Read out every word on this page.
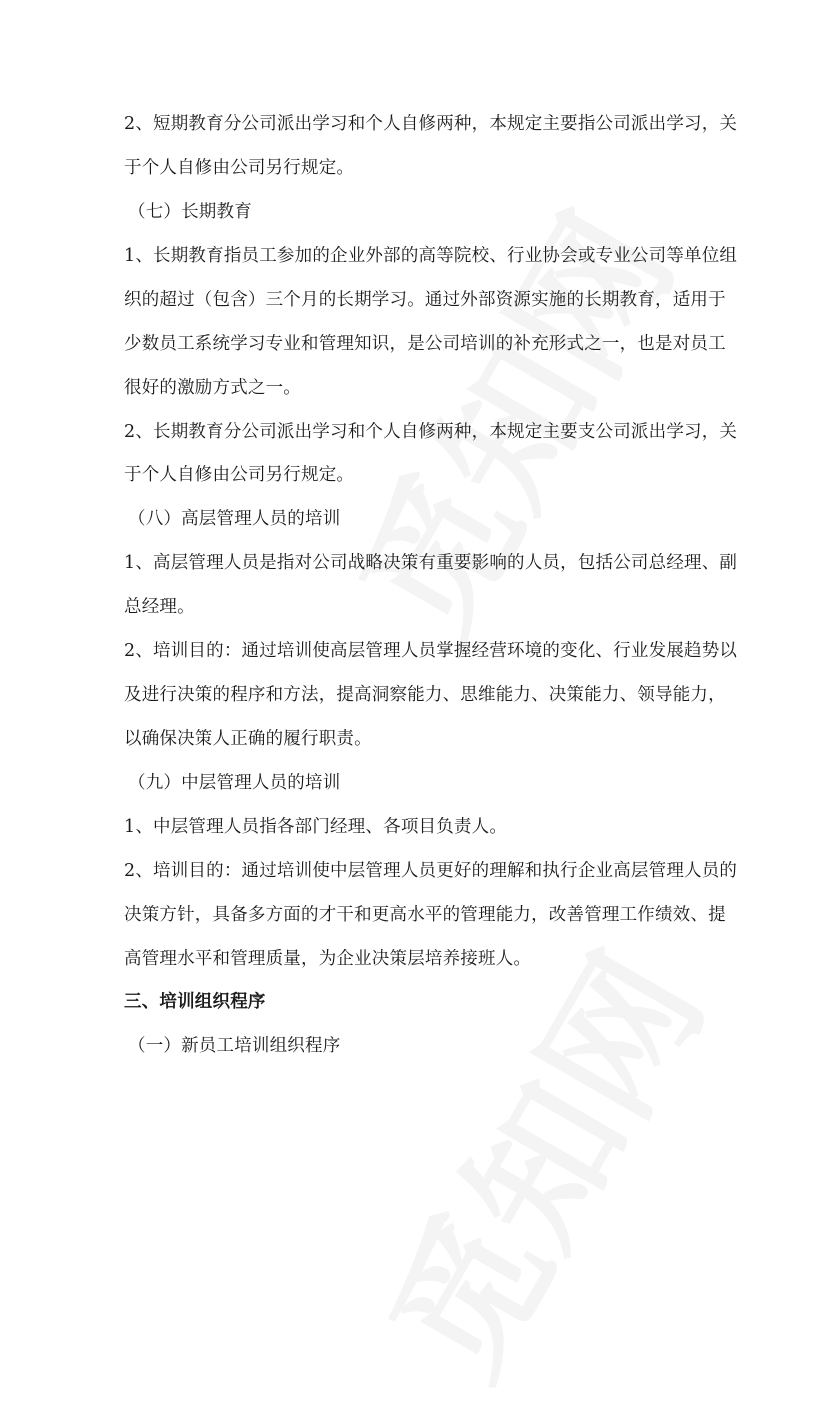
2、短期教育分公司派出学习和个人自修两种，本规定主要指公司派出学习，关
于个人自修由公司另行规定。
（七）长期教育
1、长期教育指员工参加的企业外部的高等院校、行业协会或专业公司等单位组
织的超过（包含）三个月的长期学习。通过外部资源实施的长期教育，适用于
少数员工系统学习专业和管理知识，是公司培训的补充形式之一，也是对员工
很好的激励方式之一。
2、长期教育分公司派出学习和个人自修两种，本规定主要支公司派出学习，关
于个人自修由公司另行规定。
（八）高层管理人员的培训
1、高层管理人员是指对公司战略决策有重要影响的人员，包括公司总经理、副
总经理。
2、培训目的：通过培训使高层管理人员掌握经营环境的变化、行业发展趋势以
及进行决策的程序和方法，提高洞察能力、思维能力、决策能力、领导能力，
以确保决策人正确的履行职责。
（九）中层管理人员的培训
1、中层管理人员指各部门经理、各项目负责人。
2、培训目的：通过培训使中层管理人员更好的理解和执行企业高层管理人员的
决策方针，具备多方面的才干和更高水平的管理能力，改善管理工作绩效、提
高管理水平和管理质量，为企业决策层培养接班人。
三、培训组织程序
（一）新员工培训组织程序
